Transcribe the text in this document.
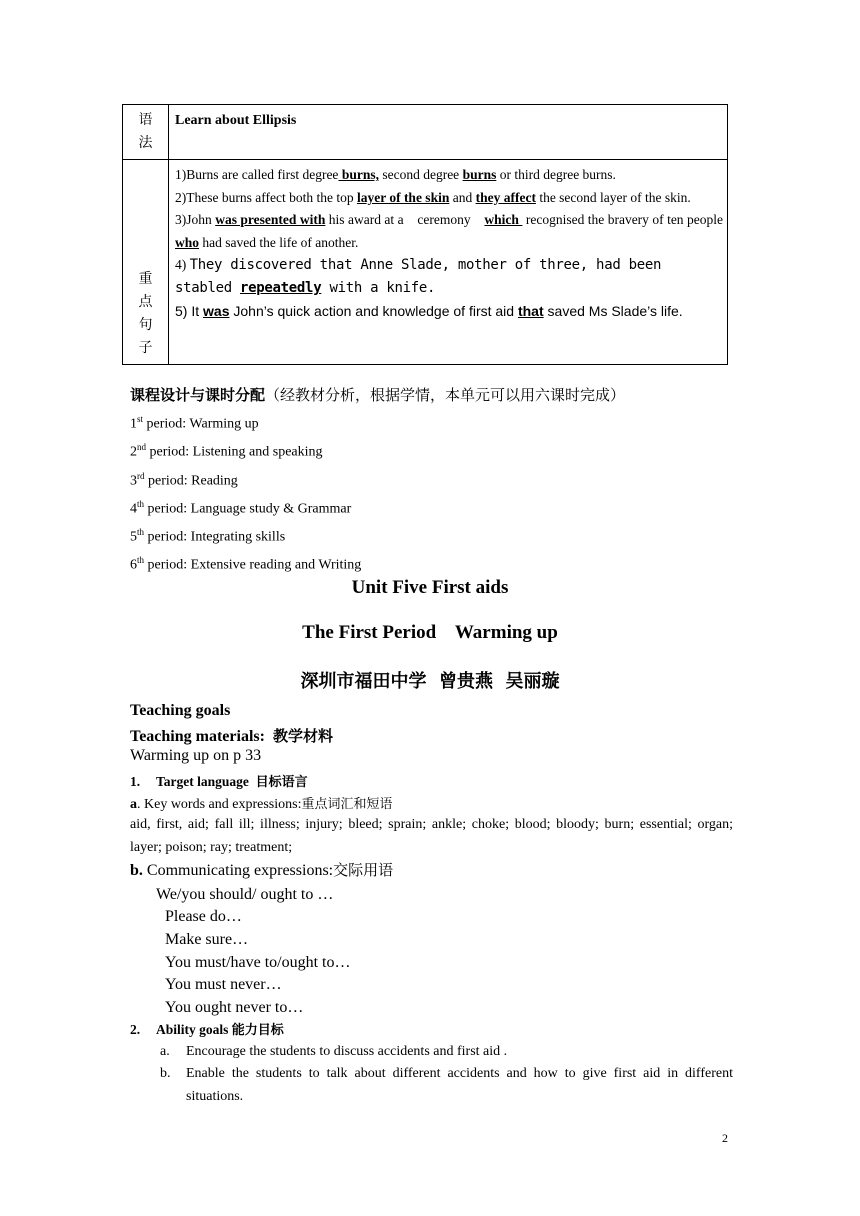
语法	Learn about Ellipsis

重点句子	1)Burns are called first degree burns, second degree burns or third degree burns.
2)These burns affect both the top layer of the skin and they affect the second layer of the skin.
3)John was presented with his award at a    ceremony    which  recognised the bravery of ten people who had saved the life of another.
4) They discovered that Anne Slade, mother of three, had been stabled repeatedly with a knife.
5) It was John’s quick action and knowledge of first aid that saved Ms Slade’s life.
课程设计与课时分配（经教材分析，根据学情，本单元可以用六课时完成）
1st period: Warming up
2nd period: Listening and speaking
3rd period: Reading
4th period: Language study & Grammar
5th period: Integrating skills
6th period: Extensive reading and Writing
Unit Five First aids
The First Period    Warming up
深圳市福田中学  曾贵燕  吴丽璇
Teaching goals
Teaching materials: 教学材料
Warming up on p 33
1. Target language 目标语言
a. Key words and expressions:重点词汇和短语
aid, first, aid; fall ill; illness; injury; bleed; sprain; ankle; choke; blood; bloody; burn; essential; organ; layer; poison; ray; treatment;
b. Communicating expressions:交际用语
We/you should/ ought to …
Please do…
Make sure…
You must/have to/ought to…
You must never…
You ought never to…
2. Ability goals 能力目标
a. Encourage the students to discuss accidents and first aid .
b. Enable the students to talk about different accidents and how to give first aid in different situations.
2
